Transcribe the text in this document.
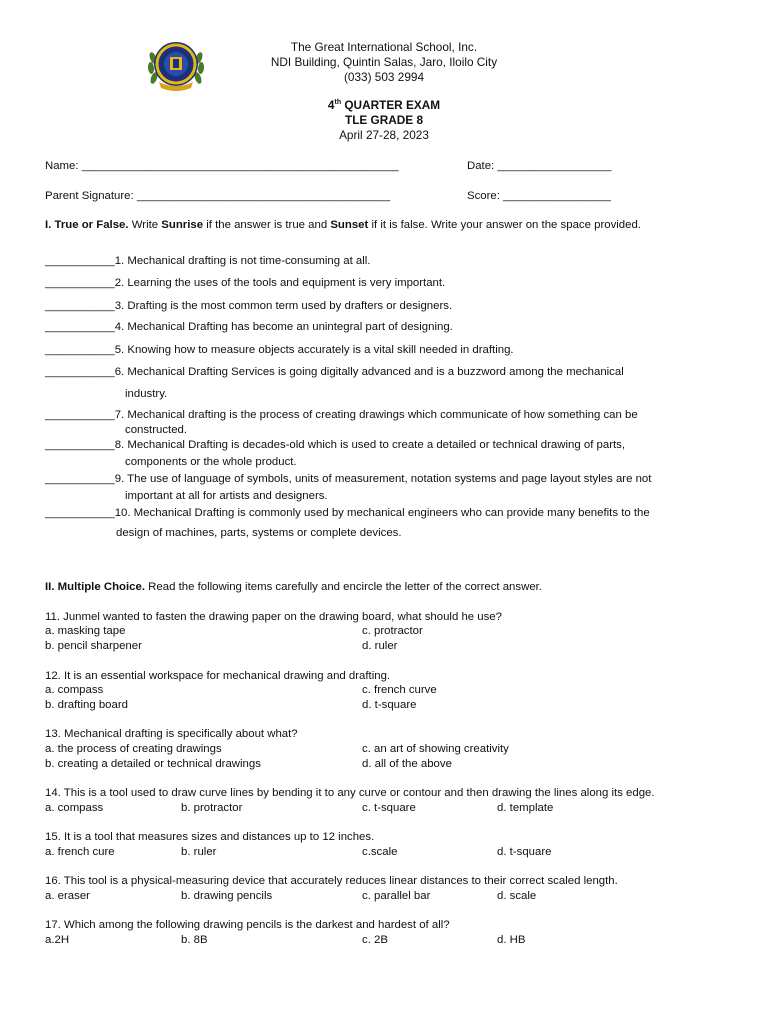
The Great International School, Inc.
NDI Building, Quintin Salas, Jaro, Iloilo City
(033) 503 2994
4th QUARTER EXAM
TLE GRADE 8
April 27-28, 2023
Name: __________________________________________________	Date: __________________
Parent Signature: ________________________________________	Score: _________________
I. True or False. Write Sunrise if the answer is true and Sunset if it is false. Write your answer on the space provided.
___________1. Mechanical drafting is not time-consuming at all.
___________2. Learning the uses of the tools and equipment is very important.
___________3. Drafting is the most common term used by drafters or designers.
___________4. Mechanical Drafting has become an unintegral part of designing.
___________5. Knowing how to measure objects accurately is a vital skill needed in drafting.
___________6. Mechanical Drafting Services is going digitally advanced and is a buzzword among the mechanical
industry.
___________7. Mechanical drafting is the process of creating drawings which communicate of how something can be
constructed.
___________8. Mechanical Drafting is decades-old which is used to create a detailed or technical drawing of parts,
components or the whole product.
___________9. The use of language of symbols, units of measurement, notation systems and page layout styles are not
important at all for artists and designers.
___________10. Mechanical Drafting is commonly used by mechanical engineers who can provide many benefits to the
design of machines, parts, systems or complete devices.
II. Multiple Choice. Read the following items carefully and encircle the letter of the correct answer.
11. Junmel wanted to fasten the drawing paper on the drawing board, what should he use?
a. masking tape	c. protractor
b. pencil sharpener	d. ruler
12. It is an essential workspace for mechanical drawing and drafting.
a. compass	c. french curve
b. drafting board	d. t-square
13. Mechanical drafting is specifically about what?
a. the process of creating drawings	c. an art of showing creativity
b. creating a detailed or technical drawings	d. all of the above
14. This is a tool used to draw curve lines by bending it to any curve or contour and then drawing the lines along its edge.
a. compass	b. protractor	c. t-square	d. template
15. It is a tool that measures sizes and distances up to 12 inches.
a. french cure	b. ruler	c.scale	d. t-square
16. This tool is a physical-measuring device that accurately reduces linear distances to their correct scaled length.
a. eraser	b. drawing pencils	c. parallel bar	d. scale
17. Which among the following drawing pencils is the darkest and hardest of all?
a.2H	b. 8B	c. 2B	d. HB
